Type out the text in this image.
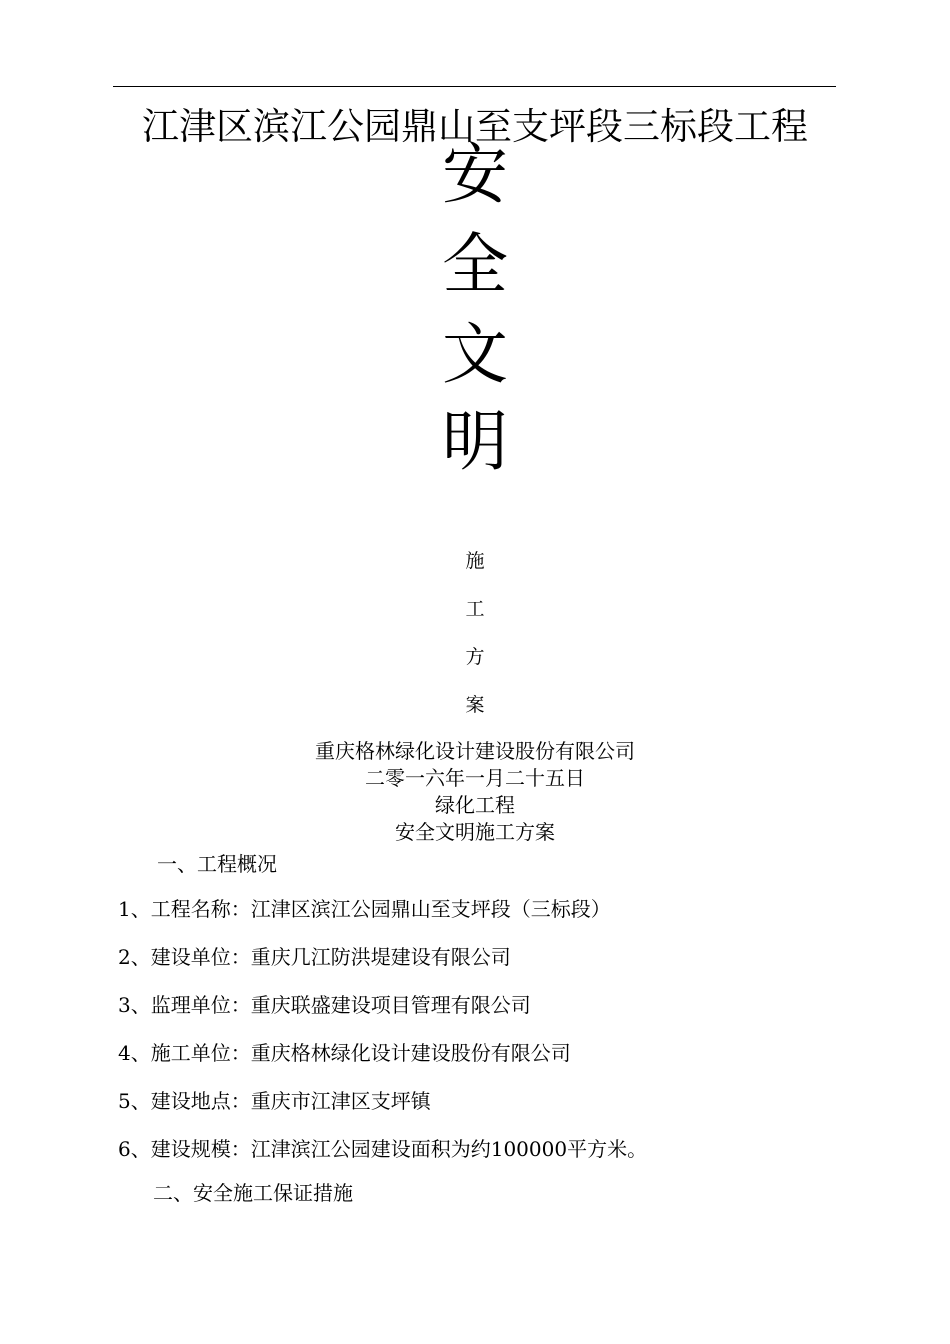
江津区滨江公园鼎山至支坪段三标段工程
安
全
文
明
施
工
方
案
重庆格林绿化设计建设股份有限公司
二零一六年一月二十五日
绿化工程
安全文明施工方案
一、工程概况
1、工程名称：江津区滨江公园鼎山至支坪段（三标段）
2、建设单位：重庆几江防洪堤建设有限公司
3、监理单位：重庆联盛建设项目管理有限公司
4、施工单位：重庆格林绿化设计建设股份有限公司
5、建设地点：重庆市江津区支坪镇
6、建设规模：江津滨江公园建设面积为约100000平方米。
二、安全施工保证措施
